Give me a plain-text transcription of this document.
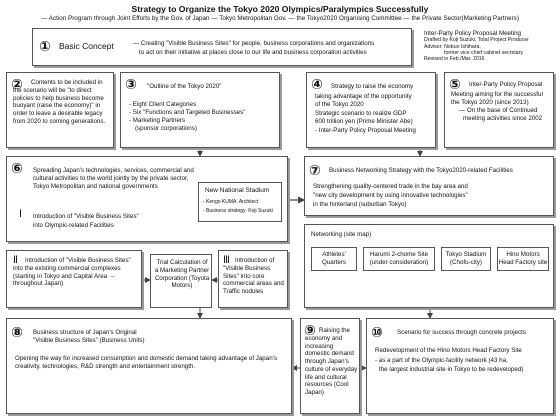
Strategy to Organize the Tokyo 2020 Olympics/Paralympics Successfully
— Action Program through Joint Efforts by the Gov. of Japan — Tokyo Metropolitan Gov. — the Tokyo2020 Organising Committee — the Private Sector(Marketing Partners)
① Basic Concept	— Creating "Visible Business Sites" for people, business corporations and organizations
to act on their initiative at places close to our life and business corporation activities
Inter-Party Policy Proposal Meeting
Drafted by Koji Suzuki, Total Project Producer
Advisor: Nobuo Ishihara,
former vice chief cabinet secretary
Revised in Feb./Mar. 2016
②	Contents to be included in the scenario will be "to direct policies to help business become buoyant (raise the economy)" in order to leave a desirable legacy from 2020 to coming generations.
③ "Outline of the Tokyo 2020"
- Eight Client Categories
- Six "Functions and Targeted Businesses"
- Marketing Partners
(sponsor corporations)
④ Strategy to raise the economy
taking advantage of the opportunity
of the Tokyo 2020
Strategic scenario to realize GDP
600 trillion yen (Prime Minister Abe)
- Inter-Party Policy Proposal Meeting
⑤ Inter-Party Policy Proposal
Meeting aiming for the successful
the Tokyo 2020 (since 2013)
— On the base of Continued
meeting activities since 2002
⑥ Spreading Japan's technologies, services, commercial and cultural activities to the world jointly by the private sector, Tokyo Metropolitan and national governments
Ⅰ Introduction of "Visible Business Sites"
into Olympic-related Facilities
New National Stadium
- Kengo KUMA, Architect
- Business strategy: Koji Suzuki
⑦ Business Networking Strategy with the Tokyo2020-related Facilities
Strengthening quality-centered trade in the bay area and
"new city development by using innovative technologies"
in the hinterland (suburban Tokyo)
Ⅱ	Introduction of "Visible Business Sites" into the existing commercial complexes (starting in Tokyo and Capital Area → throughout Japan)
Trial Calculation of a Marketing Partner Corporation (Toyota Motors)
Ⅲ Introduction of "Visible Business Sites" into core commercial areas and Traffic nodules
Networking (site map)
Athletes'
Quarters
Harumi 2-chome Site
(under consideration)
Tokyo Stadium
(Chofu-city)
Hino Motors
Head Factory site
⑧ Business structure of Japan's Original
"Visible Business Sites" (Business Units)
Opening the way for increased consumption and domestic demand taking advantage of Japan's creativity, technologies, R&D strength and entertainment strength.
⑨ Raising the economy and increasing domestic demand through Japan's culture of everyday life and cultural resources (Cool Japan)
⑩ Scenario for success through concrete projects
Redevelopment of the Hino Motors Head Factory Site
- as a part of the Olympic-facility network (43 ha,
the largest industrial site in Tokyo to be redeveloped)
